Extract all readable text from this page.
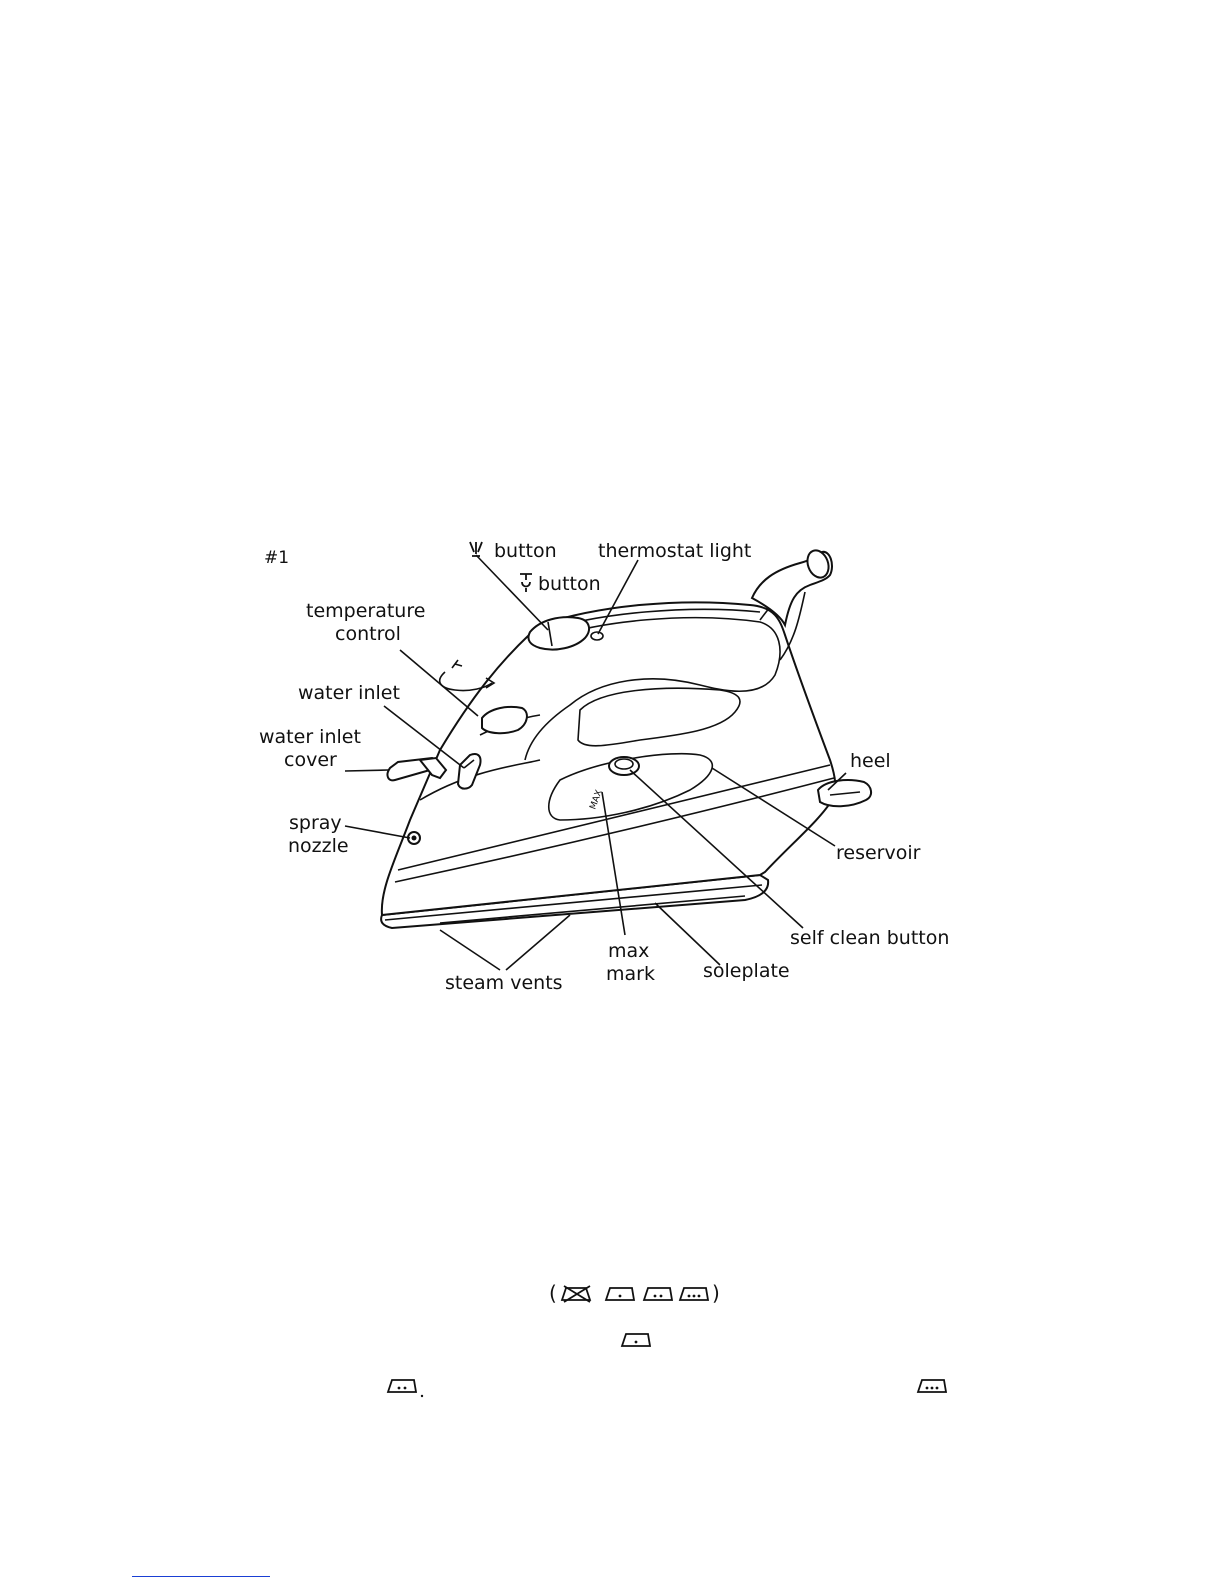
#1
MAX
button
button
thermostat light
temperature
control
water inlet
water inlet
cover
spray
nozzle
heel
reservoir
self clean button
max
mark	soleplate
steam vents
(	)
